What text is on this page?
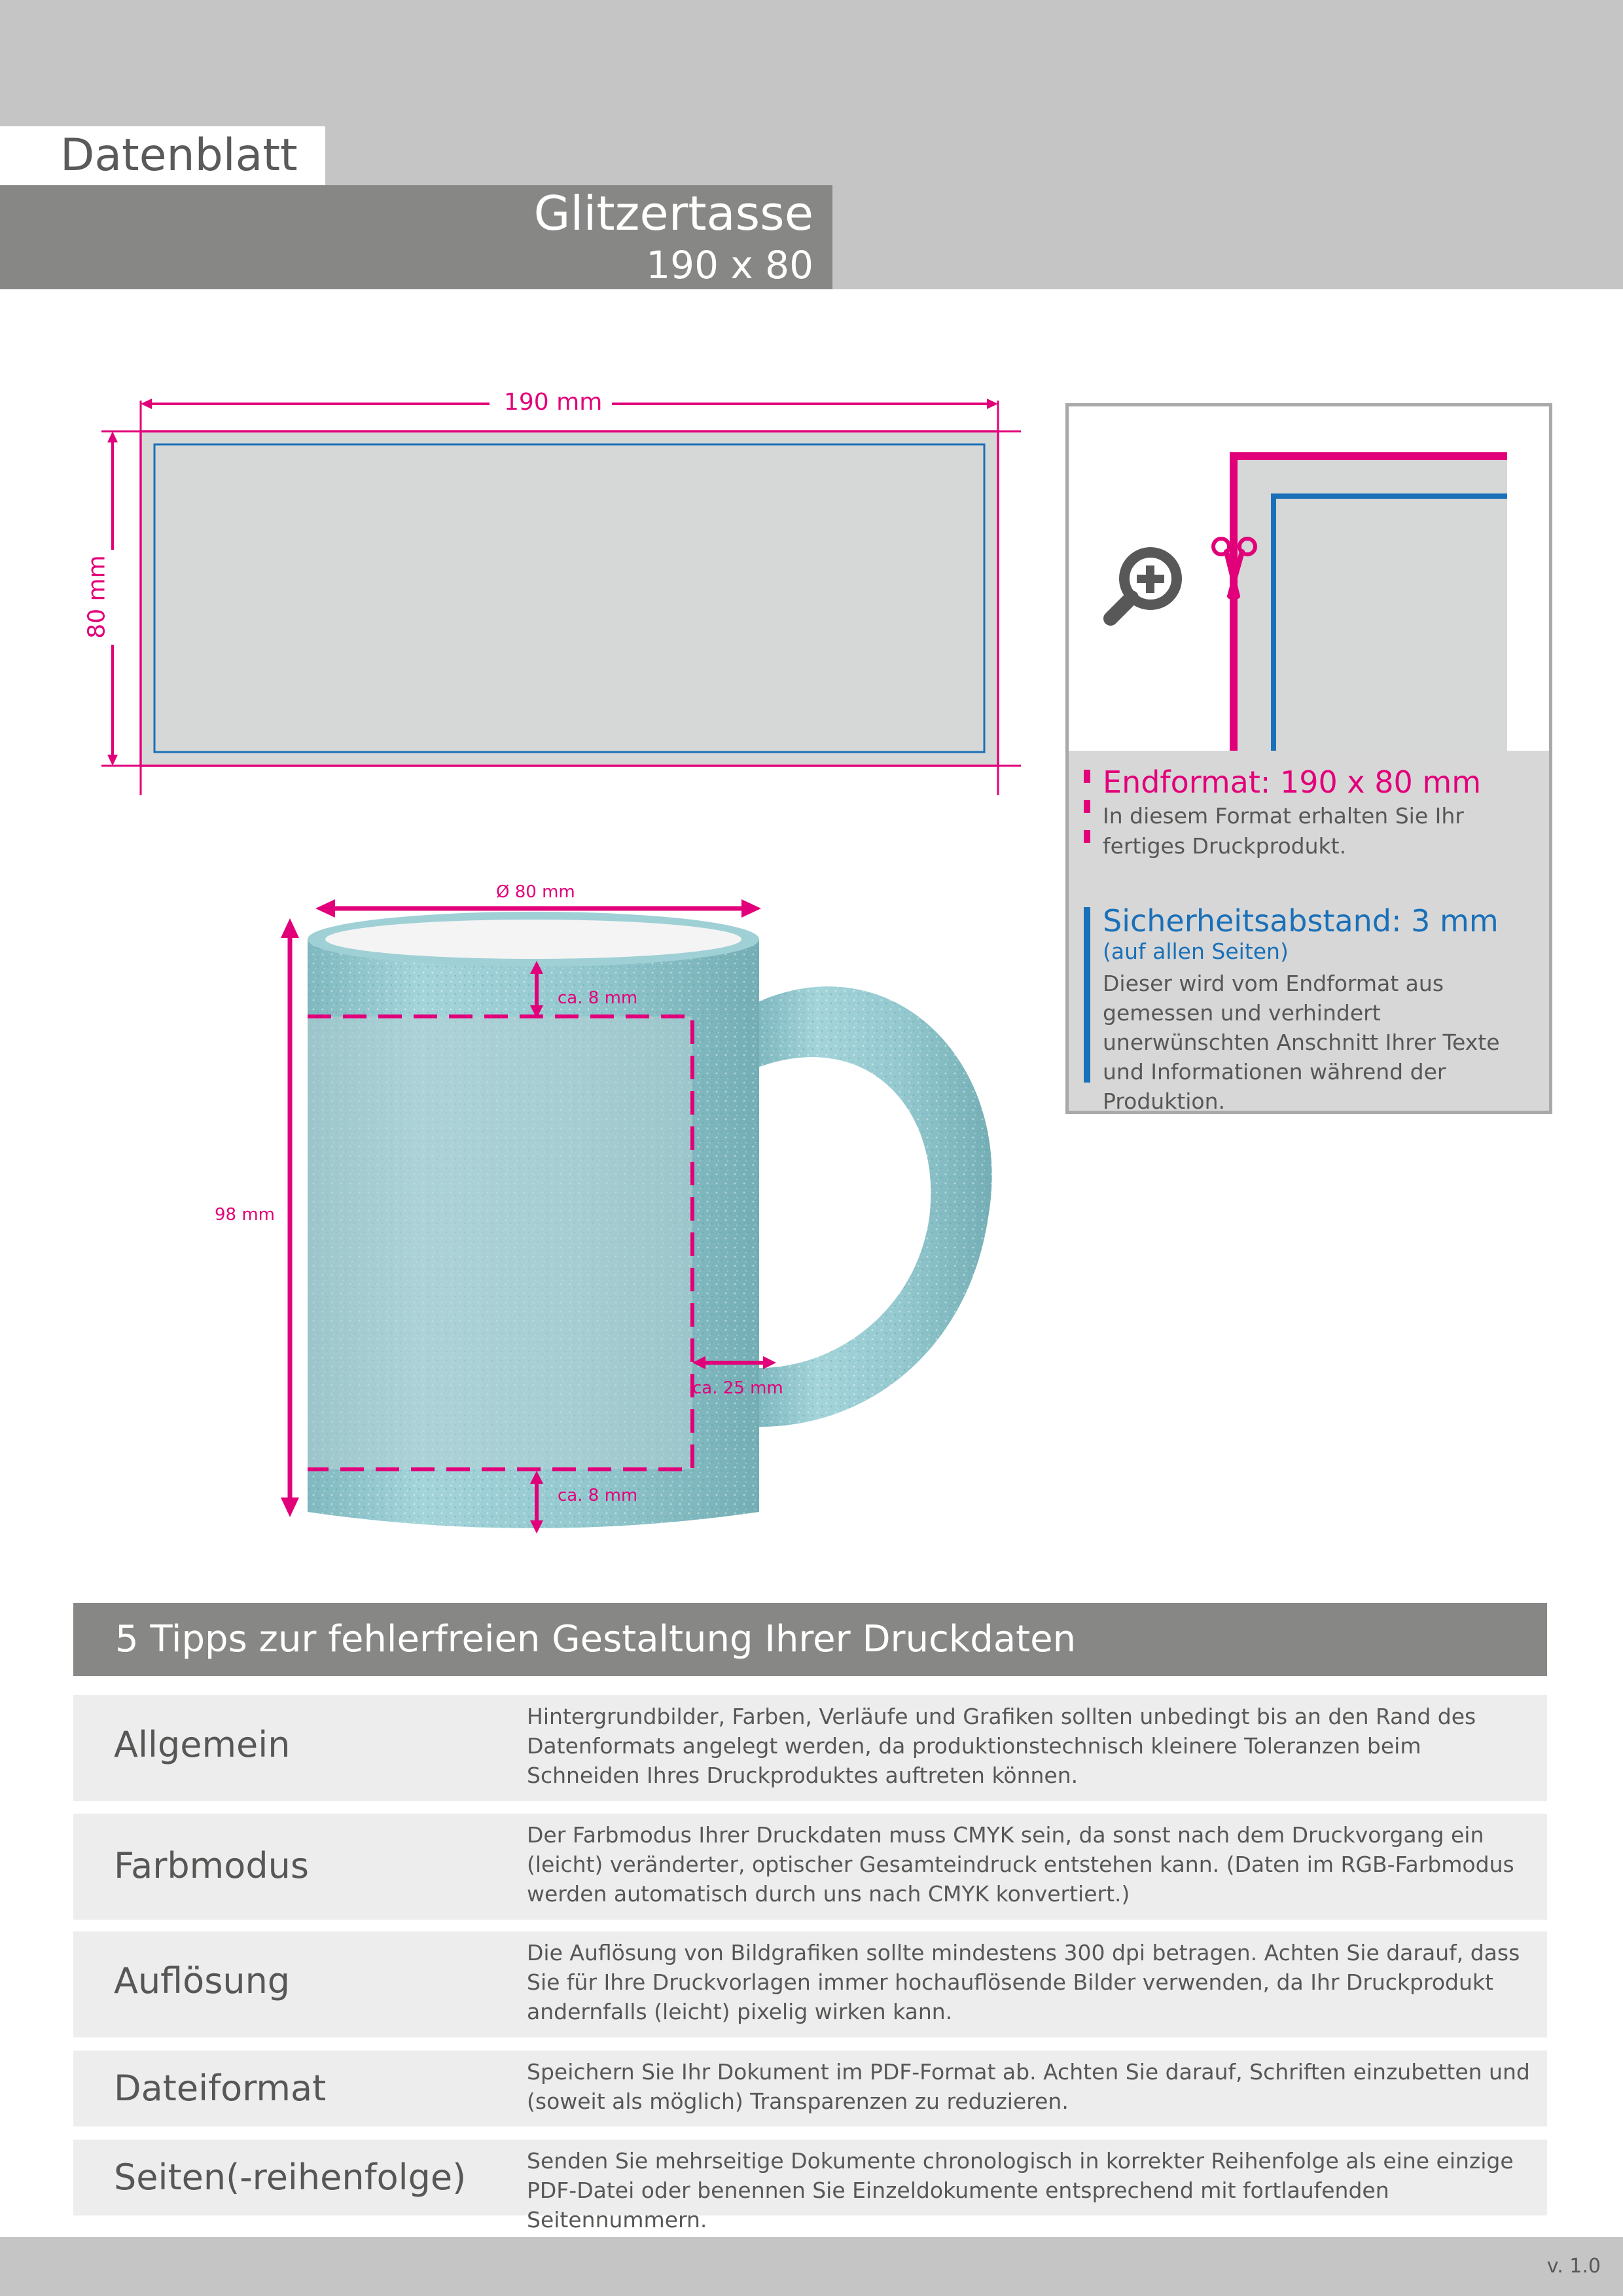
Datenblatt
Glitzertasse
190 x 80
190 mm
80 mm
Endformat: 190 x 80 mm
In diesem Format erhalten Sie Ihr fertiges Druckprodukt.
Sicherheitsabstand: 3 mm
(auf allen Seiten)
Dieser wird vom Endformat aus gemessen und verhindert unerwünschten Anschnitt Ihrer Texte und Informationen während der Produktion.
Ø 80 mm
98 mm
ca. 8 mm
ca. 8 mm
ca. 25 mm
5 Tipps zur fehlerfreien Gestaltung Ihrer Druckdaten
Allgemein
Hintergrundbilder, Farben, Verläufe und Grafiken sollten unbedingt bis an den Rand des Datenformats angelegt werden, da produktionstechnisch kleinere Toleranzen beim Schneiden Ihres Druckproduktes auftreten können.
Farbmodus
Der Farbmodus Ihrer Druckdaten muss CMYK sein, da sonst nach dem Druckvorgang ein (leicht) veränderter, optischer Gesamteindruck entstehen kann. (Daten im RGB-Farbmodus werden automatisch durch uns nach CMYK konvertiert.)
Auflösung
Die Auflösung von Bildgrafiken sollte mindestens 300 dpi betragen. Achten Sie darauf, dass Sie für Ihre Druckvorlagen immer hochauflösende Bilder verwenden, da Ihr Druckprodukt andernfalls (leicht) pixelig wirken kann.
Dateiformat	Speichern Sie Ihr Dokument im PDF-Format ab. Achten Sie darauf, Schriften einzubetten und (soweit als möglich) Transparenzen zu reduzieren.
Seiten(-reihenfolge)	Senden Sie mehrseitige Dokumente chronologisch in korrekter Reihenfolge als eine einzige PDF-Datei oder benennen Sie Einzeldokumente entsprechend mit fortlaufenden Seitennummern.
v. 1.0
